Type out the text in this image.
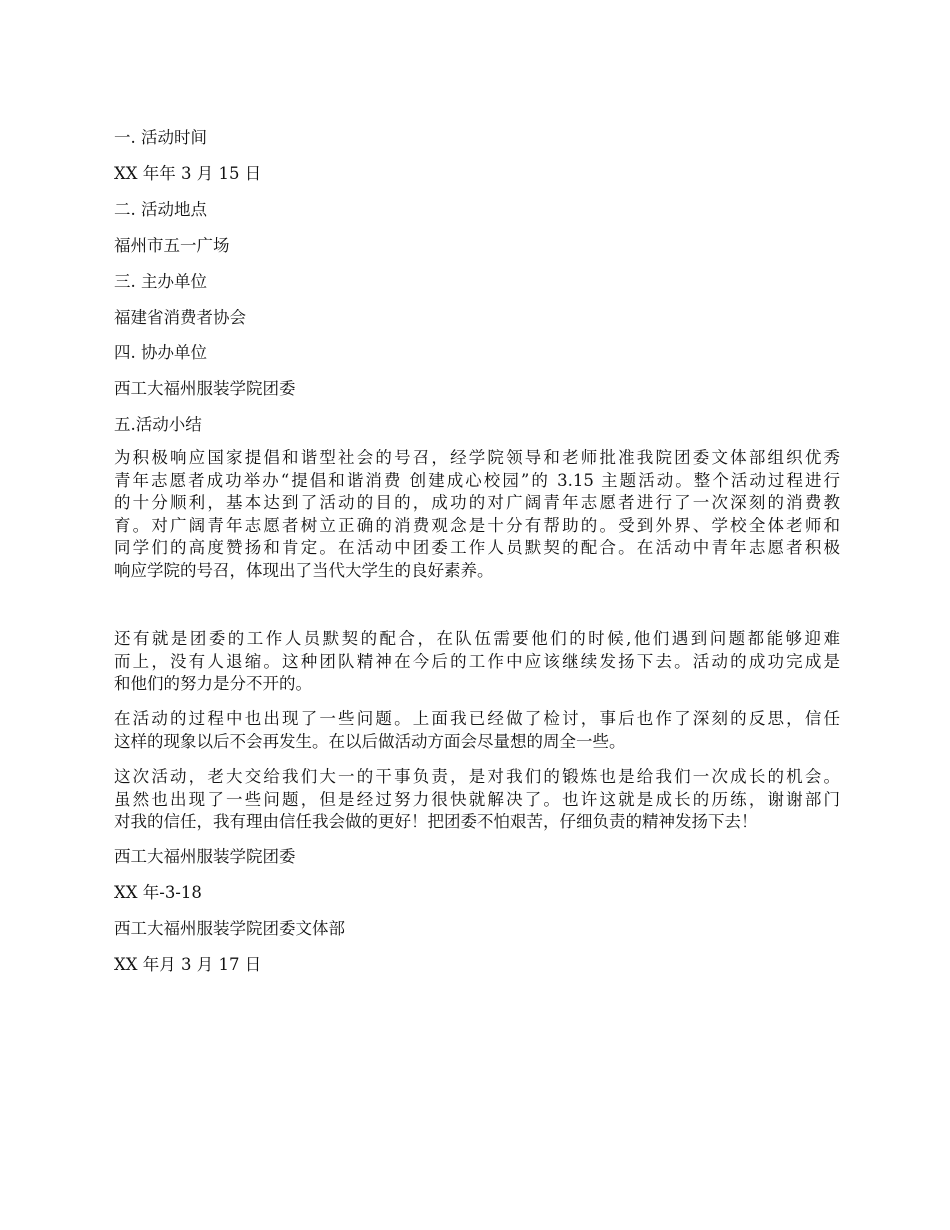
一. 活动时间

XX 年年 3 月 15 日

二. 活动地点

福州市五一广场

三. 主办单位

福建省消费者协会

四. 协办单位

西工大福州服装学院团委

五.活动小结

为积极响应国家提倡和谐型社会的号召，经学院领导和老师批准我院团委文体部组织优秀
青年志愿者成功举办“提倡和谐消费 创建成心校园”的 3.15 主题活动。整个活动过程进行
的十分顺利，基本达到了活动的目的，成功的对广阔青年志愿者进行了一次深刻的消费教
育。对广阔青年志愿者树立正确的消费观念是十分有帮助的。受到外界、学校全体老师和
同学们的高度赞扬和肯定。在活动中团委工作人员默契的配合。在活动中青年志愿者积极
响应学院的号召，体现出了当代大学生的良好素养。
还有就是团委的工作人员默契的配合，在队伍需要他们的时候,他们遇到问题都能够迎难
而上，没有人退缩。这种团队精神在今后的工作中应该继续发扬下去。活动的成功完成是
和他们的努力是分不开的。
在活动的过程中也出现了一些问题。上面我已经做了检讨，事后也作了深刻的反思，信任
这样的现象以后不会再发生。在以后做活动方面会尽量想的周全一些。
这次活动，老大交给我们大一的干事负责，是对我们的锻炼也是给我们一次成长的机会。
虽然也出现了一些问题，但是经过努力很快就解决了。也许这就是成长的历练，谢谢部门
对我的信任，我有理由信任我会做的更好！把团委不怕艰苦，仔细负责的精神发扬下去！

西工大福州服装学院团委

XX 年-3-18

西工大福州服装学院团委文体部

XX 年月 3 月 17 日
